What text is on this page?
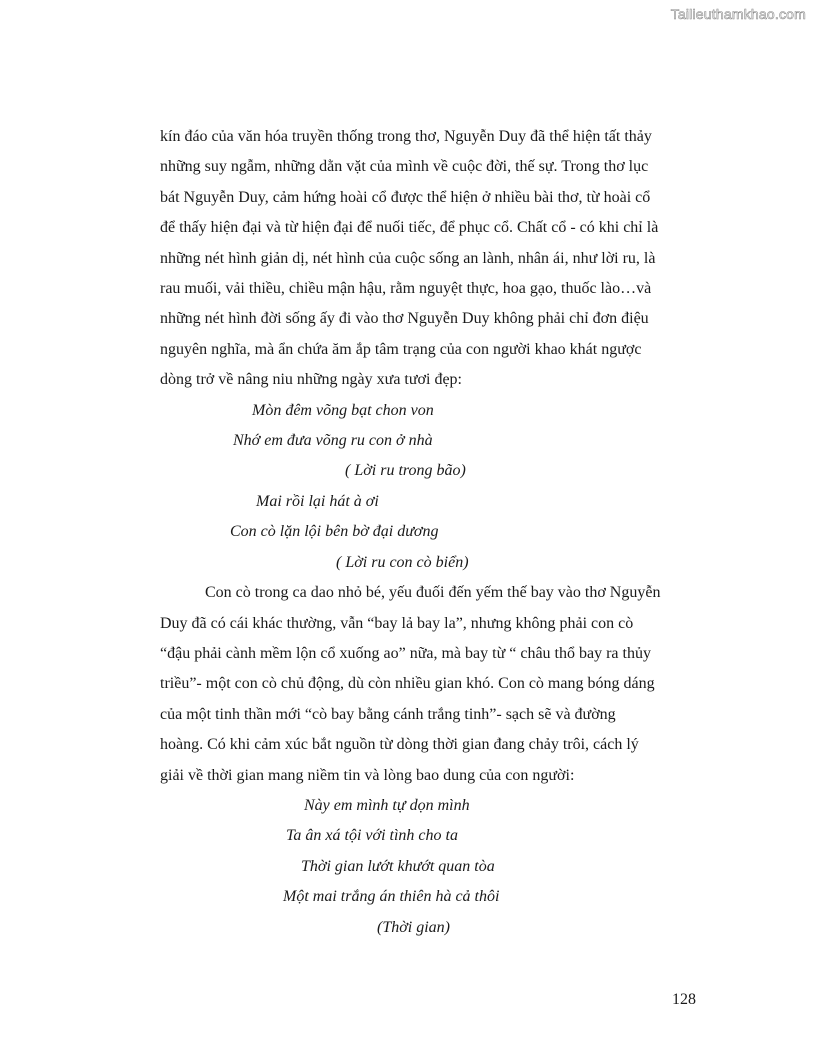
Tailieuthamkhao.com

kín đáo của văn hóa truyền thống trong thơ, Nguyễn Duy đã thể hiện tất thảy
những suy ngẫm, những dằn vặt của mình về cuộc đời, thế sự. Trong thơ lục
bát Nguyễn Duy, cảm hứng hoài cổ được thể hiện ở nhiều bài thơ, từ hoài cổ
để thấy hiện đại và từ hiện đại để nuối tiếc, để phục cổ. Chất cổ - có khi chỉ là
những nét hình giản dị, nét hình của cuộc sống an lành, nhân ái, như lời ru, là
rau muối, vải thiều, chiều mận hậu, rằm nguyệt thực, hoa gạo, thuốc lào…và
những nét hình đời sống ấy đi vào thơ Nguyễn Duy không phải chỉ đơn điệu
nguyên nghĩa, mà ẩn chứa ăm ắp tâm trạng của con người khao khát ngược
dòng trở về nâng niu những ngày xưa tươi đẹp:

Mòn đêm võng bạt chon von
Nhớ em đưa võng ru con ở nhà
( Lời ru trong bão)
Mai rồi lại hát à ơi
Con cò lặn lội bên bờ đại dương
( Lời ru con cò biển)

Con cò trong ca dao nhỏ bé, yếu đuối đến yếm thế bay vào thơ Nguyễn
Duy đã có cái khác thường, vẫn “bay lả bay la”, nhưng không phải con cò
“đậu phải cành mềm lộn cổ xuống ao” nữa, mà bay từ “ châu thổ bay ra thủy
triều”- một con cò chủ động, dù còn nhiều gian khó. Con cò mang bóng dáng
của một tinh thần mới “cò bay bằng cánh trắng tinh”- sạch sẽ và đường
hoàng. Có khi cảm xúc bắt nguồn từ dòng thời gian đang chảy trôi, cách lý
giải về thời gian mang niềm tin và lòng bao dung của con người:

Này em mình tự dọn mình
Ta ân xá tội với tình cho ta
Thời gian lướt khướt quan tòa
Một mai trắng án thiên hà cả thôi
(Thời gian)
128
